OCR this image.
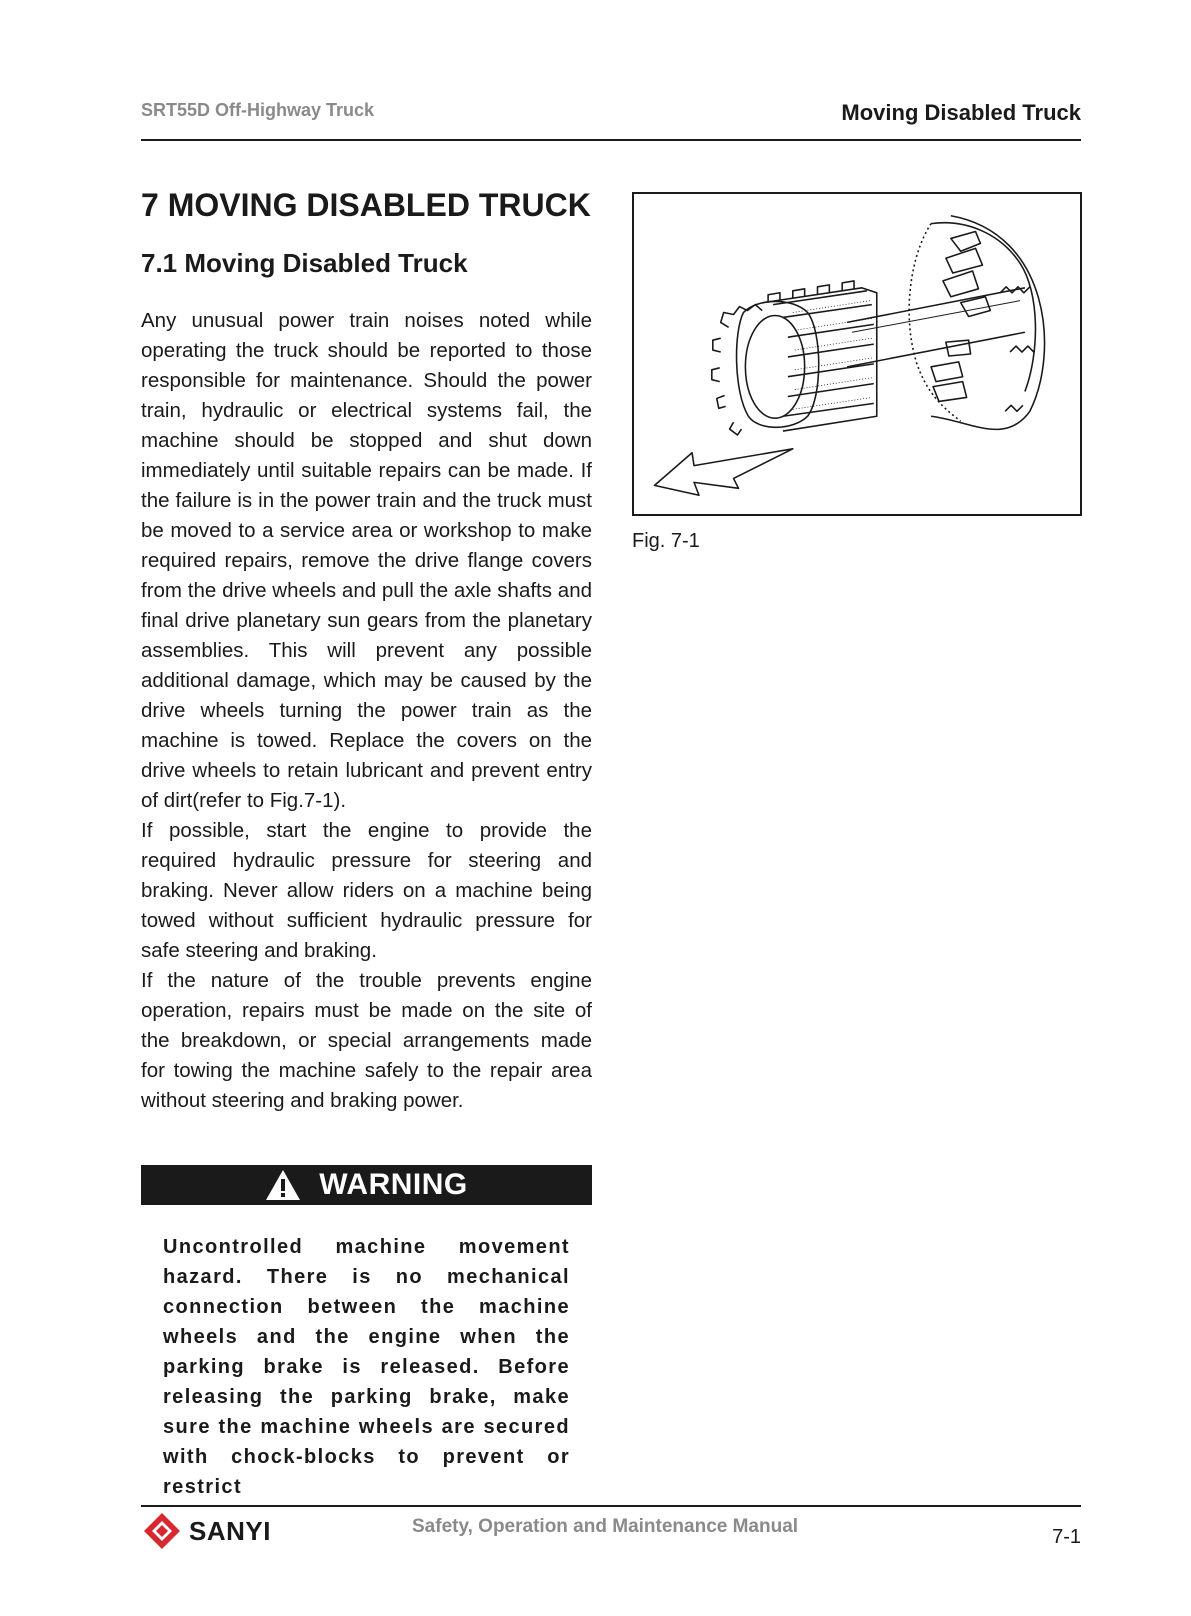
SRT55D Off-Highway Truck	Moving Disabled Truck
7 MOVING DISABLED TRUCK
7.1 Moving Disabled Truck

Any unusual power train noises noted while operating the truck should be reported to those responsible for maintenance. Should the power train, hydraulic or electrical systems fail, the machine should be stopped and shut down immediately until suitable repairs can be made. If the failure is in the power train and the truck must be moved to a service area or workshop to make required repairs, remove the drive flange covers from the drive wheels and pull the axle shafts and final drive planetary sun gears from the planetary assemblies. This will prevent any possible additional damage, which may be caused by the drive wheels turning the power train as the machine is towed. Replace the covers on the drive wheels to retain lubricant and prevent entry of dirt(refer to Fig.7-1).

If possible, start the engine to provide the required hydraulic pressure for steering and braking. Never allow riders on a machine being towed without sufficient hydraulic pressure for safe steering and braking.

If the nature of the trouble prevents engine operation, repairs must be made on the site of the breakdown, or special arrangements made for towing the machine safely to the repair area without steering and braking power.

WARNING

Uncontrolled machine movement hazard. There is no mechanical connection between the machine wheels and the engine when the parking brake is released. Before releasing the parking brake, make sure the machine wheels are secured with chock-blocks to prevent or restrict

Fig. 7-1
SANYI	Safety, Operation and Maintenance Manual	7-1
